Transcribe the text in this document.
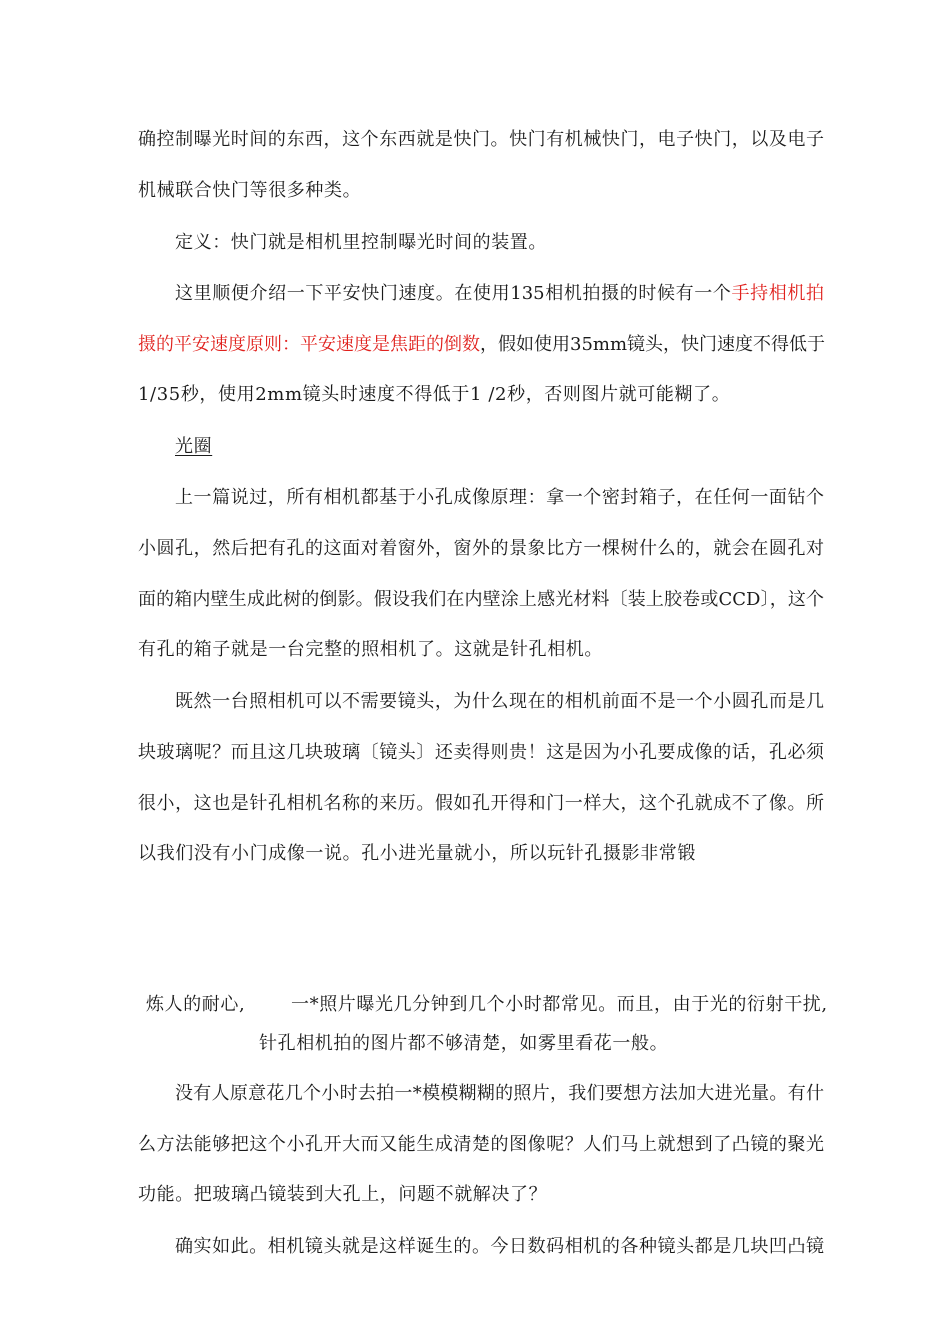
确控制曝光时间的东西，这个东西就是快门。快门有机械快门，电子快门，以及电子
机械联合快门等很多种类。
定义：快门就是相机里控制曝光时间的装置。
这里顺便介绍一下平安快门速度。在使用135相机拍摄的时候有一个手持相机拍
摄的平安速度原则：平安速度是焦距的倒数，假如使用35mm镜头，快门速度不得低于
1/35秒，使用2mm镜头时速度不得低于1 /2秒，否则图片就可能糊了。
光圈
上一篇说过，所有相机都基于小孔成像原理：拿一个密封箱子，在任何一面钻个
小圆孔，然后把有孔的这面对着窗外，窗外的景象比方一棵树什么的，就会在圆孔对
面的箱内壁生成此树的倒影。假设我们在内壁涂上感光材料〔装上胶卷或CCD〕，这个
有孔的箱子就是一台完整的照相机了。这就是针孔相机。
既然一台照相机可以不需要镜头，为什么现在的相机前面不是一个小圆孔而是几
块玻璃呢？而且这几块玻璃〔镜头〕还卖得则贵！这是因为小孔要成像的话，孔必须
很小，这也是针孔相机名称的来历。假如孔开得和门一样大，这个孔就成不了像。所
以我们没有小门成像一说。孔小进光量就小，所以玩针孔摄影非常锻
炼人的耐心,	一*照片曝光几分钟到几个小时都常见。而且，由于光的衍射干扰,
针孔相机拍的图片都不够清楚，如雾里看花一般。
没有人原意花几个小时去拍一*模模糊糊的照片，我们要想方法加大进光量。有什
么方法能够把这个小孔开大而又能生成清楚的图像呢？人们马上就想到了凸镜的聚光
功能。把玻璃凸镜装到大孔上，问题不就解决了？
确实如此。相机镜头就是这样诞生的。今日数码相机的各种镜头都是几块凹凸镜
